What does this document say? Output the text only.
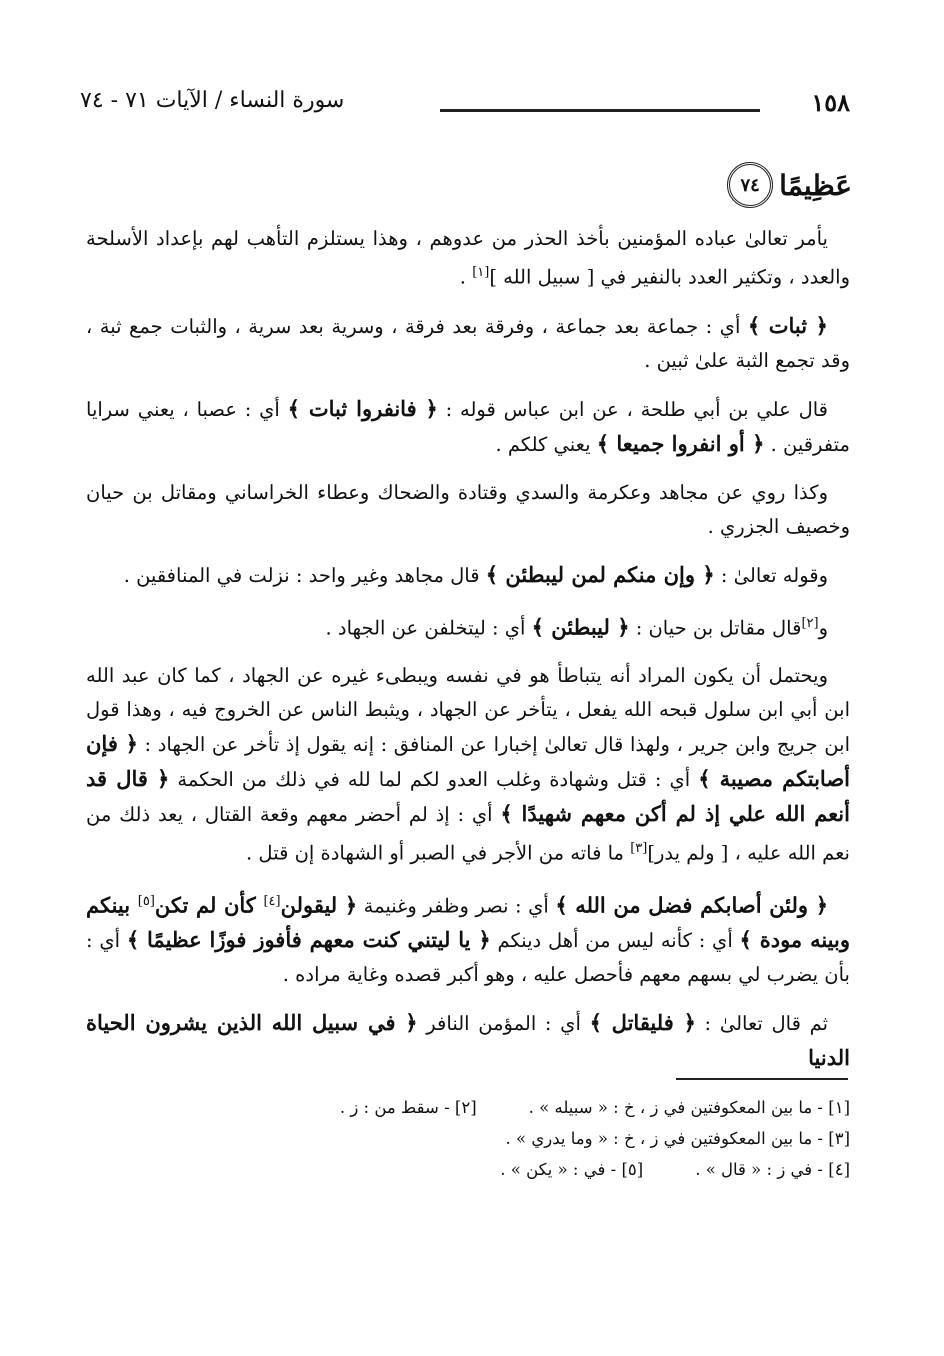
١٥٨
سورة النساء / الآيات ٧١ - ٧٤
عَظِيمًا
٧٤

يأمر تعالىٰ عباده المؤمنين بأخذ الحذر من عدوهم ، وهذا يستلزم التأهب لهم بإعداد الأسلحة والعدد ، وتكثير العدد بالنفير في [ سبيل الله ][١] .

﴿ ثبات ﴾ أي : جماعة بعد جماعة ، وفرقة بعد فرقة ، وسرية بعد سرية ، والثبات جمع ثبة ، وقد تجمع الثبة علىٰ ثبين .

قال علي بن أبي طلحة ، عن ابن عباس قوله : ﴿ فانفروا ثبات ﴾ أي : عصبا ، يعني سرايا متفرقين . ﴿ أو انفروا جميعا ﴾ يعني كلكم .

وكذا روي عن مجاهد وعكرمة والسدي وقتادة والضحاك وعطاء الخراساني ومقاتل بن حيان وخصيف الجزري .

وقوله تعالىٰ : ﴿ وإن منكم لمن ليبطئن ﴾ قال مجاهد وغير واحد : نزلت في المنافقين .

و[٢]قال مقاتل بن حيان : ﴿ ليبطئن ﴾ أي : ليتخلفن عن الجهاد .

ويحتمل أن يكون المراد أنه يتباطأ هو في نفسه ويبطىء غيره عن الجهاد ، كما كان عبد الله ابن أبي ابن سلول قبحه الله يفعل ، يتأخر عن الجهاد ، ويثبط الناس عن الخروج فيه ، وهذا قول ابن جريج وابن جرير ، ولهذا قال تعالىٰ إخبارا عن المنافق : إنه يقول إذ تأخر عن الجهاد : ﴿ فإن أصابتكم مصيبة ﴾ أي : قتل وشهادة وغلب العدو لكم لما لله في ذلك من الحكمة ﴿ قال قد أنعم الله علي إذ لم أكن معهم شهيدًا ﴾ أي : إذ لم أحضر معهم وقعة القتال ، يعد ذلك من نعم الله عليه ، [ ولم يدر][٣] ما فاته من الأجر في الصبر أو الشهادة إن قتل .

﴿ ولئن أصابكم فضل من الله ﴾ أي : نصر وظفر وغنيمة ﴿ ليقولن[٤] كأن لم تكن[٥] بينكم وبينه مودة ﴾ أي : كأنه ليس من أهل دينكم ﴿ يا ليتني كنت معهم فأفوز فوزًا عظيمًا ﴾ أي : بأن يضرب لي بسهم معهم فأحصل عليه ، وهو أكبر قصده وغاية مراده .

ثم قال تعالىٰ : ﴿ فليقاتل ﴾ أي : المؤمن النافر ﴿ في سبيل الله الذين يشرون الحياة الدنيا

[١] - ما بين المعكوفتين في ز ، خ : « سبيله » .
[٢] - سقط من : ز .
[٣] - ما بين المعكوفتين في ز ، خ : « وما يدري » .
[٤] - في ز : « قال » .
[٥] - في : « يكن » .
